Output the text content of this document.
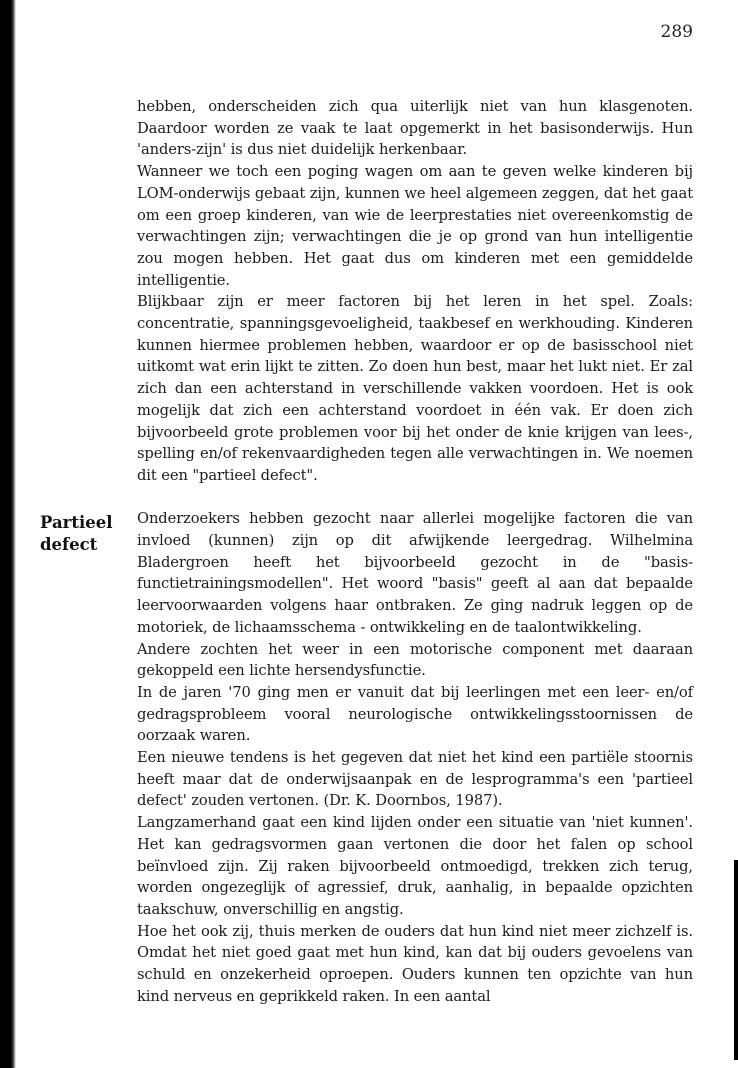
289
Partieel
defect

hebben, onderscheiden zich qua uiterlijk niet van hun klasgenoten. Daardoor worden ze vaak te laat opgemerkt in het basisonderwijs. Hun 'anders-zijn' is dus niet duidelijk herkenbaar.

Wanneer we toch een poging wagen om aan te geven welke kinderen bij LOM-onderwijs gebaat zijn, kunnen we heel algemeen zeggen, dat het gaat om een groep kinderen, van wie de leerprestaties niet overeenkomstig de verwachtingen zijn; verwachtingen die je op grond van hun intelligentie zou mogen hebben. Het gaat dus om kinderen met een gemiddelde intelligentie.

Blijkbaar zijn er meer factoren bij het leren in het spel. Zoals: concentratie, spanningsgevoeligheid, taakbesef en werkhouding. Kinderen kunnen hiermee problemen hebben, waardoor er op de basisschool niet uitkomt wat erin lijkt te zitten. Zo doen hun best, maar het lukt niet. Er zal zich dan een achterstand in verschillende vakken voordoen. Het is ook mogelijk dat zich een achterstand voordoet in één vak. Er doen zich bijvoorbeeld grote problemen voor bij het onder de knie krijgen van lees-, spelling en/of rekenvaardigheden tegen alle verwachtingen in. We noemen dit een "partieel defect".

Onderzoekers hebben gezocht naar allerlei mogelijke factoren die van invloed (kunnen) zijn op dit afwijkende leergedrag. Wilhelmina Bladergroen heeft het bijvoorbeeld gezocht in de "basis-functietrainingsmodellen". Het woord "basis" geeft al aan dat bepaalde leervoorwaarden volgens haar ontbraken. Ze ging nadruk leggen op de motoriek, de lichaamsschema - ontwikkeling en de taalontwikkeling.

Andere zochten het weer in een motorische component met daaraan gekoppeld een lichte hersendysfunctie.

In de jaren '70 ging men er vanuit dat bij leerlingen met een leer- en/of gedragsprobleem vooral neurologische ontwikkelingsstoornissen de oorzaak waren.

Een nieuwe tendens is het gegeven dat niet het kind een partiële stoornis heeft maar dat de onderwijsaanpak en de lesprogramma's een 'partieel defect' zouden vertonen. (Dr. K. Doornbos, 1987).

Langzamerhand gaat een kind lijden onder een situatie van 'niet kunnen'. Het kan gedragsvormen gaan vertonen die door het falen op school beïnvloed zijn. Zij raken bijvoorbeeld ontmoedigd, trekken zich terug, worden ongezeglijk of agressief, druk, aanhalig, in bepaalde opzichten taakschuw, onverschillig en angstig.

Hoe het ook zij, thuis merken de ouders dat hun kind niet meer zichzelf is. Omdat het niet goed gaat met hun kind, kan dat bij ouders gevoelens van schuld en onzekerheid oproepen. Ouders kunnen ten opzichte van hun kind nerveus en geprikkeld raken. In een aantal
